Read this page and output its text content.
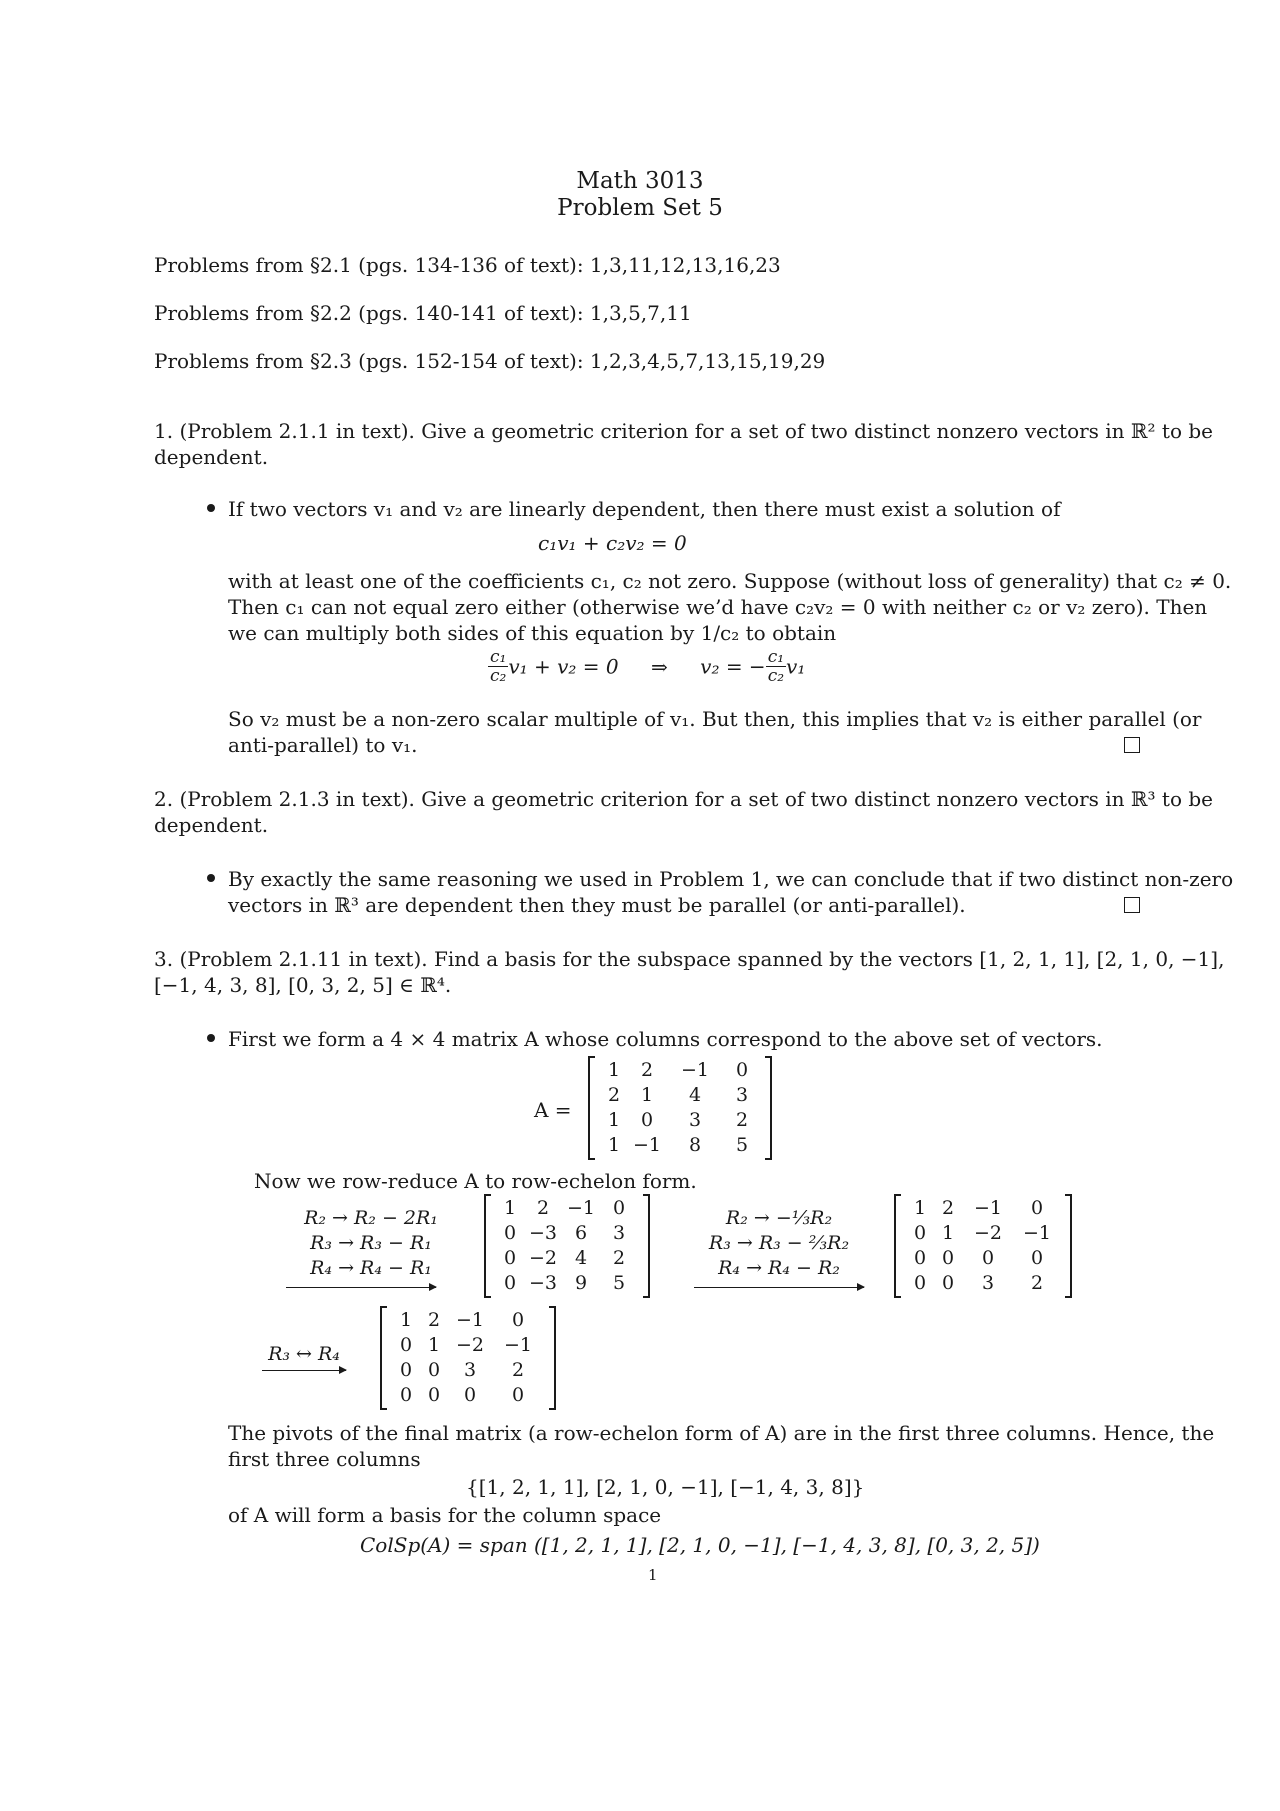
Math 3013
Problem Set 5
Problems from §2.1 (pgs. 134-136 of text): 1,3,11,12,13,16,23
Problems from §2.2 (pgs. 140-141 of text): 1,3,5,7,11
Problems from §2.3 (pgs. 152-154 of text): 1,2,3,4,5,7,13,15,19,29
1. (Problem 2.1.1 in text). Give a geometric criterion for a set of two distinct nonzero vectors in ℝ² to be
dependent.
If two vectors v₁ and v₂ are linearly dependent, then there must exist a solution of
c₁v₁ + c₂v₂ = 0
with at least one of the coefficients c₁, c₂ not zero. Suppose (without loss of generality) that c₂ ≠ 0.
Then c₁ can not equal zero either (otherwise we’d have c₂v₂ = 0 with neither c₂ or v₂ zero). Then
we can multiply both sides of this equation by 1/c₂ to obtain
$\frac{\text{c₁}}{\text{c₂}} v_1 + v_2 = 0$ ⇒ v₂ = − $\frac{\text{c₁}}{\text{c₂}} v_1$
So v₂ must be a non-zero scalar multiple of v₁. But then, this implies that v₂ is either parallel (or
anti-parallel) to v₁.
2. (Problem 2.1.3 in text). Give a geometric criterion for a set of two distinct nonzero vectors in ℝ³ to be
dependent.
By exactly the same reasoning we used in Problem 1, we can conclude that if two distinct non-zero
vectors in ℝ³ are dependent then they must be parallel (or anti-parallel).
3. (Problem 2.1.11 in text). Find a basis for the subspace spanned by the vectors [1, 2, 1, 1], [2, 1, 0, −1],
[−1, 4, 3, 8], [0, 3, 2, 5] ∈ ℝ⁴.
First we form a 4 × 4 matrix A whose columns correspond to the above set of vectors.
A =
1	2	−1	0
2	1	4	3
1	0	3	2
1 −1	8	5
Now we row-reduce A to row-echelon form.
R₂ → R₂ − 2R₁
R₃ → R₃ − R₁
R₄ → R₄ − R₁
1	2 −1 0
0 −3 6	3
0 −2 4	2
0 −3 9	5
R₂ → −⅓R₂
R₃ → R₃ − ⅔R₂
R₄ → R₄ − R₂
1 2	−1	0
0 1	−2	−1
0 0	0	0
0 0	3	2
R₃ ↔ R₄
1 2 −1	0
0 1 −2	−1
0 0	3	2
0 0	0	0
The pivots of the final matrix (a row-echelon form of A) are in the first three columns. Hence, the
first three columns
{[1, 2, 1, 1], [2, 1, 0, −1], [−1, 4, 3, 8]}
of A will form a basis for the column space
ColSp(A) = span ([1, 2, 1, 1], [2, 1, 0, −1], [−1, 4, 3, 8], [0, 3, 2, 5])
1
